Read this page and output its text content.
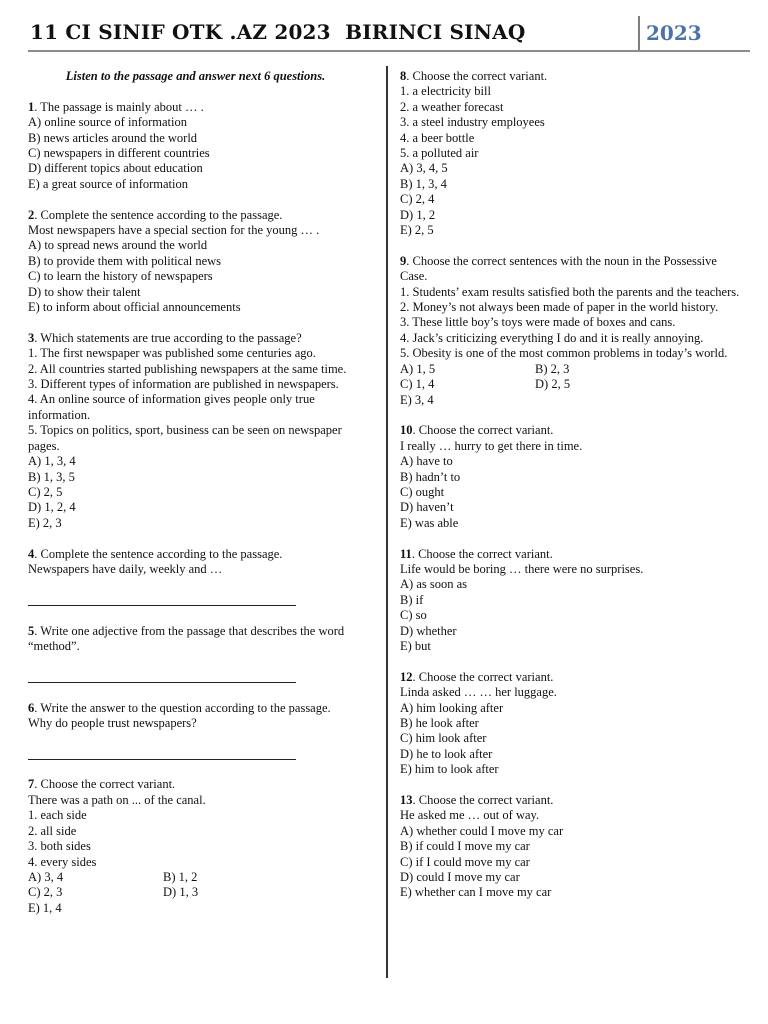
11 CI SINIF OTK .AZ 2023  BIRINCI SINAQ	2023
Listen to the passage and answer next 6 questions.
1. The passage is mainly about … .
A) online source of information
B) news articles around the world
C) newspapers in different countries
D) different topics about education
E) a great source of information
2. Complete the sentence according to the passage.
Most newspapers have a special section for the young … .
A) to spread news around the world
B) to provide them with political news
C) to learn the history of newspapers
D) to show their talent
E) to inform about official announcements
3. Which statements are true according to the passage?
1. The first newspaper was published some centuries ago.
2. All countries started publishing newspapers at the same time.
3. Different types of information are published in newspapers.
4. An online source of information gives people only true information.
5. Topics on politics, sport, business can be seen on newspaper pages.
A) 1, 3, 4
B) 1, 3, 5
C) 2, 5
D) 1, 2, 4
E) 2, 3
4. Complete the sentence according to the passage.
Newspapers have daily, weekly and …
5. Write one adjective from the passage that describes the word “method”.
6. Write the answer to the question according to the passage.
Why do people trust newspapers?
7. Choose the correct variant.
There was a path on ... of the canal.
1. each side
2. all side
3. both sides
4. every sides
A) 3, 4	B) 1, 2
C) 2, 3	D) 1, 3
E) 1, 4
8. Choose the correct variant.
1. a electricity bill
2. a weather forecast
3. a steel industry employees
4. a beer bottle
5. a polluted air
A) 3, 4, 5
B) 1, 3, 4
C) 2, 4
D) 1, 2
E) 2, 5
9. Choose the correct sentences with the noun in the Possessive Case.
1. Students’ exam results satisfied both the parents and the teachers.
2. Money’s not always been made of paper in the world history.
3. These little boy’s toys were made of boxes and cans.
4. Jack’s criticizing everything I do and it is really annoying.
5. Obesity is one of the most common problems in today’s world.
A) 1, 5	B) 2, 3
C) 1, 4	D) 2, 5
E) 3, 4
10. Choose the correct variant.
I really … hurry to get there in time.
A) have to
B) hadn’t to
C) ought
D) haven’t
E) was able
11. Choose the correct variant.
Life would be boring … there were no surprises.
A) as soon as
B) if
C) so
D) whether
E) but
12. Choose the correct variant.
Linda asked … … her luggage.
A) him looking after
B) he look after
C) him look after
D) he to look after
E) him to look after
13. Choose the correct variant.
He asked me … out of way.
A) whether could I move my car
B) if could I move my car
C) if I could move my car
D) could I move my car
E) whether can I move my car
